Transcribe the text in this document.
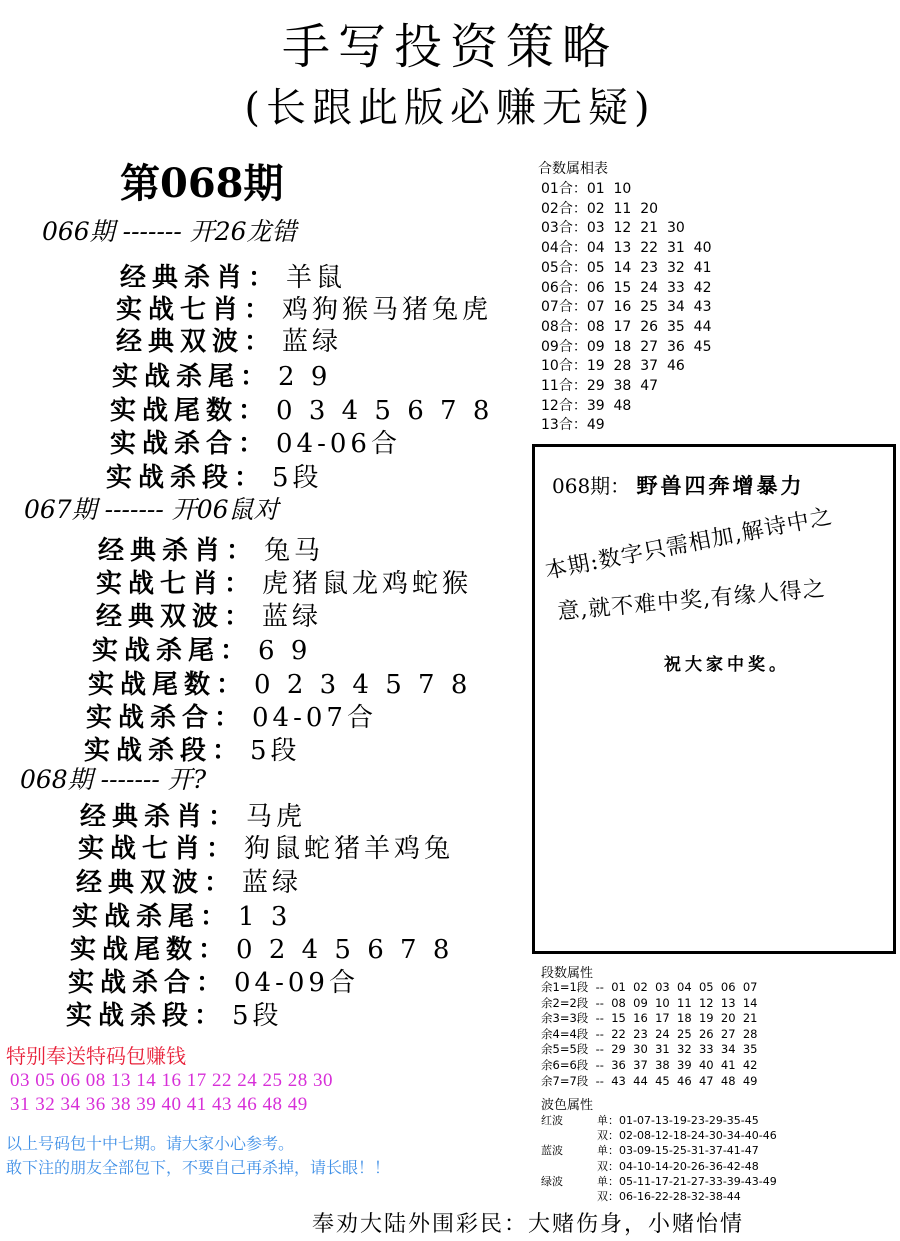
手写投资策略
(长跟此版必赚无疑)
第068期
066期 ------- 开26龙错
经典杀肖： 羊鼠
实战七肖： 鸡狗猴马猪兔虎
经典双波： 蓝绿
实战杀尾： 2 9
实战尾数： 0 3 4 5 6 7 8
实战杀合： 04-06合
实战杀段： 5段
067期 ------- 开06鼠对
经典杀肖： 兔马
实战七肖： 虎猪鼠龙鸡蛇猴
经典双波： 蓝绿
实战杀尾： 6 9
实战尾数： 0 2 3 4 5 7 8
实战杀合： 04-07合
实战杀段： 5段
068期 ------- 开?
经典杀肖： 马虎
实战七肖： 狗鼠蛇猪羊鸡兔
经典双波： 蓝绿
实战杀尾： 1 3
实战尾数： 0 2 4 5 6 7 8
实战杀合： 04-09合
实战杀段： 5段
合数属相表
01合：01  10
02合：02  11  20
03合：03  12  21  30
04合：04  13  22  31  40
05合：05  14  23  32  41
06合：06  15  24  33  42
07合：07  16  25  34  43
08合：08  17  26  35  44
09合：09  18  27  36  45
10合：19  28  37  46
11合：29  38  47
12合：39  48
13合：49
068期： 野兽四奔增暴力
本期:数字只需相加,解诗中之
意,就不难中奖,有缘人得之
祝大家中奖。
段数属性
余1=1段  --  01  02  03  04  05  06  07
余2=2段  --  08  09  10  11  12  13  14
余3=3段  --  15  16  17  18  19  20  21
余4=4段  --  22  23  24  25  26  27  28
余5=5段  --  29  30  31  32  33  34  35
余6=6段  --  36  37  38  39  40  41  42
余7=7段  --  43  44  45  46  47  48  49
波色属性
红波	单： 01-07-13-19-23-29-35-45
双： 02-08-12-18-24-30-34-40-46
蓝波	单： 03-09-15-25-31-37-41-47
双： 04-10-14-20-26-36-42-48
绿波	单： 05-11-17-21-27-33-39-43-49
双： 06-16-22-28-32-38-44
特别奉送特码包赚钱
03 05 06 08 13 14 16 17 22 24 25 28 30
31 32 34 36 38 39 40 41 43 46 48 49
以上号码包十中七期。请大家小心参考。
敢下注的朋友全部包下，不要自己再杀掉，请长眼！！
奉劝大陆外围彩民：大赌伤身，小赌怡情
